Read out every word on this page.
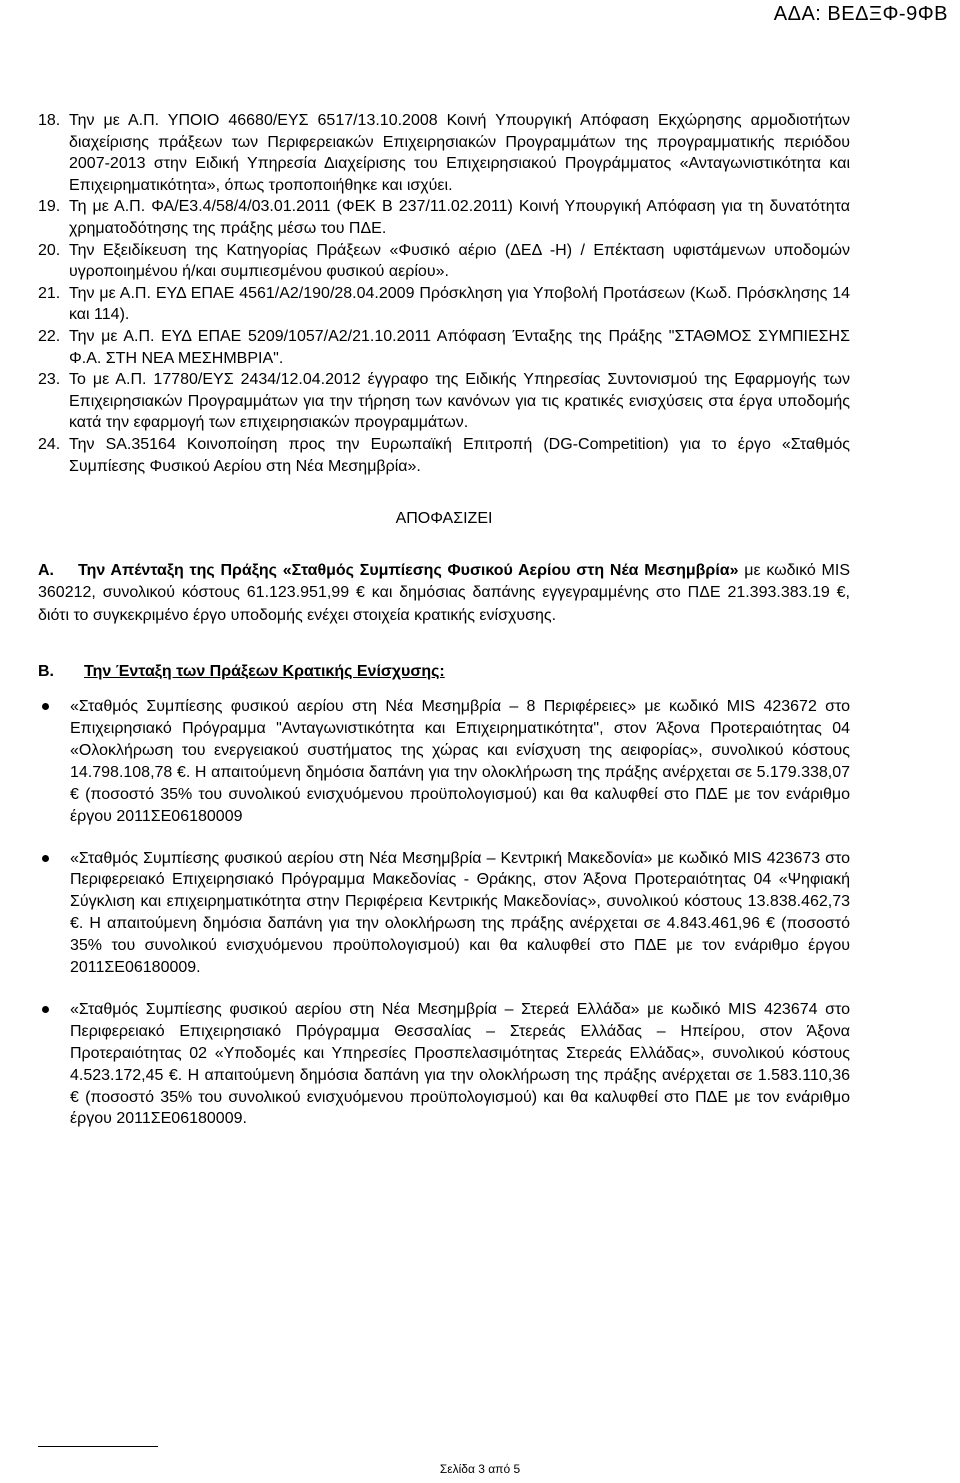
ΑΔΑ: ΒΕΔΞΦ-9ΦΒ
18. Την με Α.Π. ΥΠΟΙΟ 46680/ΕΥΣ 6517/13.10.2008 Κοινή Υπουργική Απόφαση Εκχώρησης αρμοδιοτήτων διαχείρισης πράξεων των Περιφερειακών Επιχειρησιακών Προγραμμάτων της προγραμματικής περιόδου 2007-2013 στην Ειδική Υπηρεσία Διαχείρισης του Επιχειρησιακού Προγράμματος «Ανταγωνιστικότητα και Επιχειρηματικότητα», όπως τροποποιήθηκε και ισχύει.
19. Τη με Α.Π. ΦΑ/Ε3.4/58/4/03.01.2011 (ΦΕΚ Β 237/11.02.2011) Κοινή Υπουργική Απόφαση για τη δυνατότητα χρηματοδότησης της πράξης μέσω του ΠΔΕ.
20. Την Εξειδίκευση της Κατηγορίας Πράξεων «Φυσικό αέριο (ΔΕΔ -Η) / Επέκταση υφιστάμενων υποδομών υγροποιημένου ή/και συμπιεσμένου φυσικού αερίου».
21. Την με Α.Π. ΕΥΔ ΕΠΑΕ 4561/Α2/190/28.04.2009 Πρόσκληση για Υποβολή Προτάσεων (Κωδ. Πρόσκλησης 14 και 114).
22. Την με Α.Π. ΕΥΔ ΕΠΑΕ 5209/1057/Α2/21.10.2011 Απόφαση Ένταξης της Πράξης "ΣΤΑΘΜΟΣ ΣΥΜΠΙΕΣΗΣ Φ.Α. ΣΤΗ ΝΕΑ ΜΕΣΗΜΒΡΙΑ".
23. Το με Α.Π. 17780/ΕΥΣ 2434/12.04.2012 έγγραφο της Ειδικής Υπηρεσίας Συντονισμού της Εφαρμογής των Επιχειρησιακών Προγραμμάτων για την τήρηση των κανόνων για τις κρατικές ενισχύσεις στα έργα υποδομής κατά την εφαρμογή των επιχειρησιακών προγραμμάτων.
24. Την SA.35164 Κοινοποίηση προς την Ευρωπαϊκή Επιτροπή (DG-Competition) για το έργο «Σταθμός Συμπίεσης Φυσικού Αερίου στη Νέα Μεσημβρία».
ΑΠΟΦΑΣΙΖΕΙ
Α. Την Απένταξη της Πράξης «Σταθμός Συμπίεσης Φυσικού Αερίου στη Νέα Μεσημβρία» με κωδικό MIS 360212, συνολικού κόστους 61.123.951,99 € και δημόσιας δαπάνης εγγεγραμμένης στο ΠΔΕ 21.393.383.19 €, διότι το συγκεκριμένο έργο υποδομής ενέχει στοιχεία κρατικής ενίσχυσης.
Β. Την Ένταξη των Πράξεων Κρατικής Ενίσχυσης:
«Σταθμός Συμπίεσης φυσικού αερίου στη Νέα Μεσημβρία – 8 Περιφέρειες» με κωδικό MIS 423672 στο Επιχειρησιακό Πρόγραμμα "Ανταγωνιστικότητα και Επιχειρηματικότητα", στον Άξονα Προτεραιότητας 04 «Ολοκλήρωση του ενεργειακού συστήματος της χώρας και ενίσχυση της αειφορίας», συνολικού κόστους 14.798.108,78 €. Η απαιτούμενη δημόσια δαπάνη για την ολοκλήρωση της πράξης ανέρχεται σε 5.179.338,07 € (ποσοστό 35% του συνολικού ενισχυόμενου προϋπολογισμού) και θα καλυφθεί στο ΠΔΕ με τον ενάριθμο έργου 2011ΣΕ06180009
«Σταθμός Συμπίεσης φυσικού αερίου στη Νέα Μεσημβρία – Κεντρική Μακεδονία» με κωδικό MIS 423673 στο Περιφερειακό Επιχειρησιακό Πρόγραμμα Μακεδονίας - Θράκης, στον Άξονα Προτεραιότητας 04 «Ψηφιακή Σύγκλιση και επιχειρηματικότητα στην Περιφέρεια Κεντρικής Μακεδονίας», συνολικού κόστους 13.838.462,73 €. Η απαιτούμενη δημόσια δαπάνη για την ολοκλήρωση της πράξης ανέρχεται σε 4.843.461,96 € (ποσοστό 35% του συνολικού ενισχυόμενου προϋπολογισμού) και θα καλυφθεί στο ΠΔΕ με τον ενάριθμο έργου 2011ΣΕ06180009.
«Σταθμός Συμπίεσης φυσικού αερίου στη Νέα Μεσημβρία – Στερεά Ελλάδα» με κωδικό MIS 423674 στο Περιφερειακό Επιχειρησιακό Πρόγραμμα Θεσσαλίας – Στερεάς Ελλάδας – Ηπείρου, στον Άξονα Προτεραιότητας 02 «Υποδομές και Υπηρεσίες Προσπελασιμότητας Στερεάς Ελλάδας», συνολικού κόστους 4.523.172,45 €. Η απαιτούμενη δημόσια δαπάνη για την ολοκλήρωση της πράξης ανέρχεται σε 1.583.110,36 € (ποσοστό 35% του συνολικού ενισχυόμενου προϋπολογισμού) και θα καλυφθεί στο ΠΔΕ με τον ενάριθμο έργου 2011ΣΕ06180009.
Σελίδα 3 από 5
